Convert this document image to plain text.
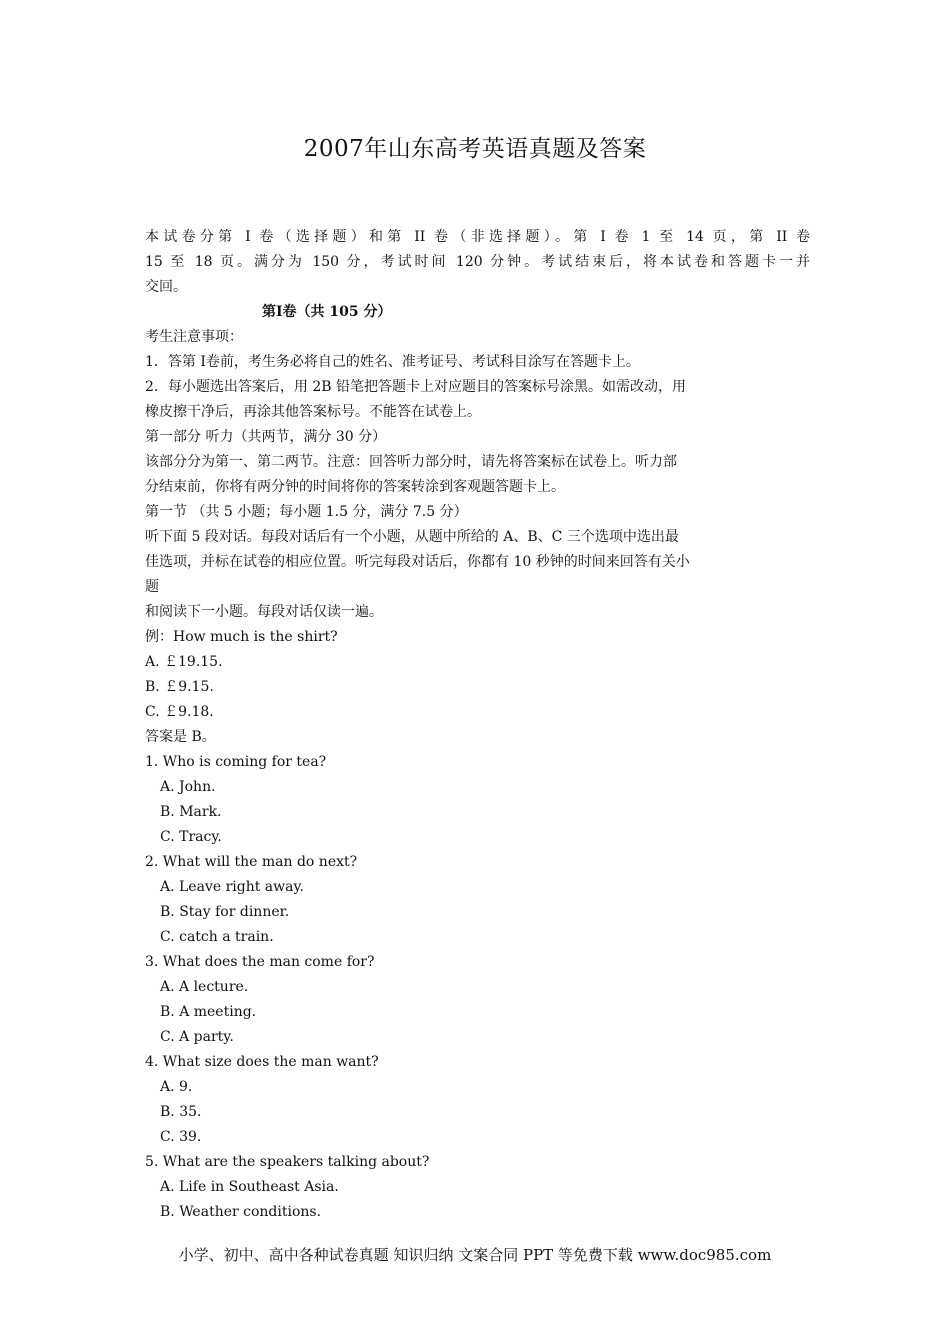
2007年山东高考英语真题及答案
本试卷分第 I 卷（选择题）和第 II 卷（非选择题）。第 I 卷 1 至 14 页，第 II 卷
15 至 18 页。满分为 150 分，考试时间 120 分钟。考试结束后，将本试卷和答题卡一并
交回。
第Ⅰ卷（共 105 分）
考生注意事项：
1．答第 I卷前，考生务必将自己的姓名、准考证号、考试科目涂写在答题卡上。
2．每小题选出答案后，用 2B 铅笔把答题卡上对应题目的答案标号涂黑。如需改动，用
橡皮擦干净后，再涂其他答案标号。不能答在试卷上。
第一部分 听力（共两节，满分 30 分）
该部分分为第一、第二两节。注意：回答听力部分时，请先将答案标在试卷上。听力部
分结束前，你将有两分钟的时间将你的答案转涂到客观题答题卡上。
第一节 （共 5 小题；每小题 1.5 分，满分 7.5 分）
听下面 5 段对话。每段对话后有一个小题，从题中所给的 A、B、C 三个选项中选出最
佳选项，并标在试卷的相应位置。听完每段对话后，你都有 10 秒钟的时间来回答有关小
题
和阅读下一小题。每段对话仅读一遍。
例：How much is the shirt?
A. ￡19.15.
B. ￡9.15.
C. ￡9.18.
答案是 B。
1. Who is coming for tea?
A. John.
B. Mark.
C. Tracy.
2. What will the man do next?
A. Leave right away.
B. Stay for dinner.
C. catch a train.
3. What does the man come for?
A. A lecture.
B. A meeting.
C. A party.
4. What size does the man want?
A. 9.
B. 35.
C. 39.
5. What are the speakers talking about?
A. Life in Southeast Asia.
B. Weather conditions.
小学、初中、高中各种试卷真题 知识归纳 文案合同 PPT 等免费下载 www.doc985.com
